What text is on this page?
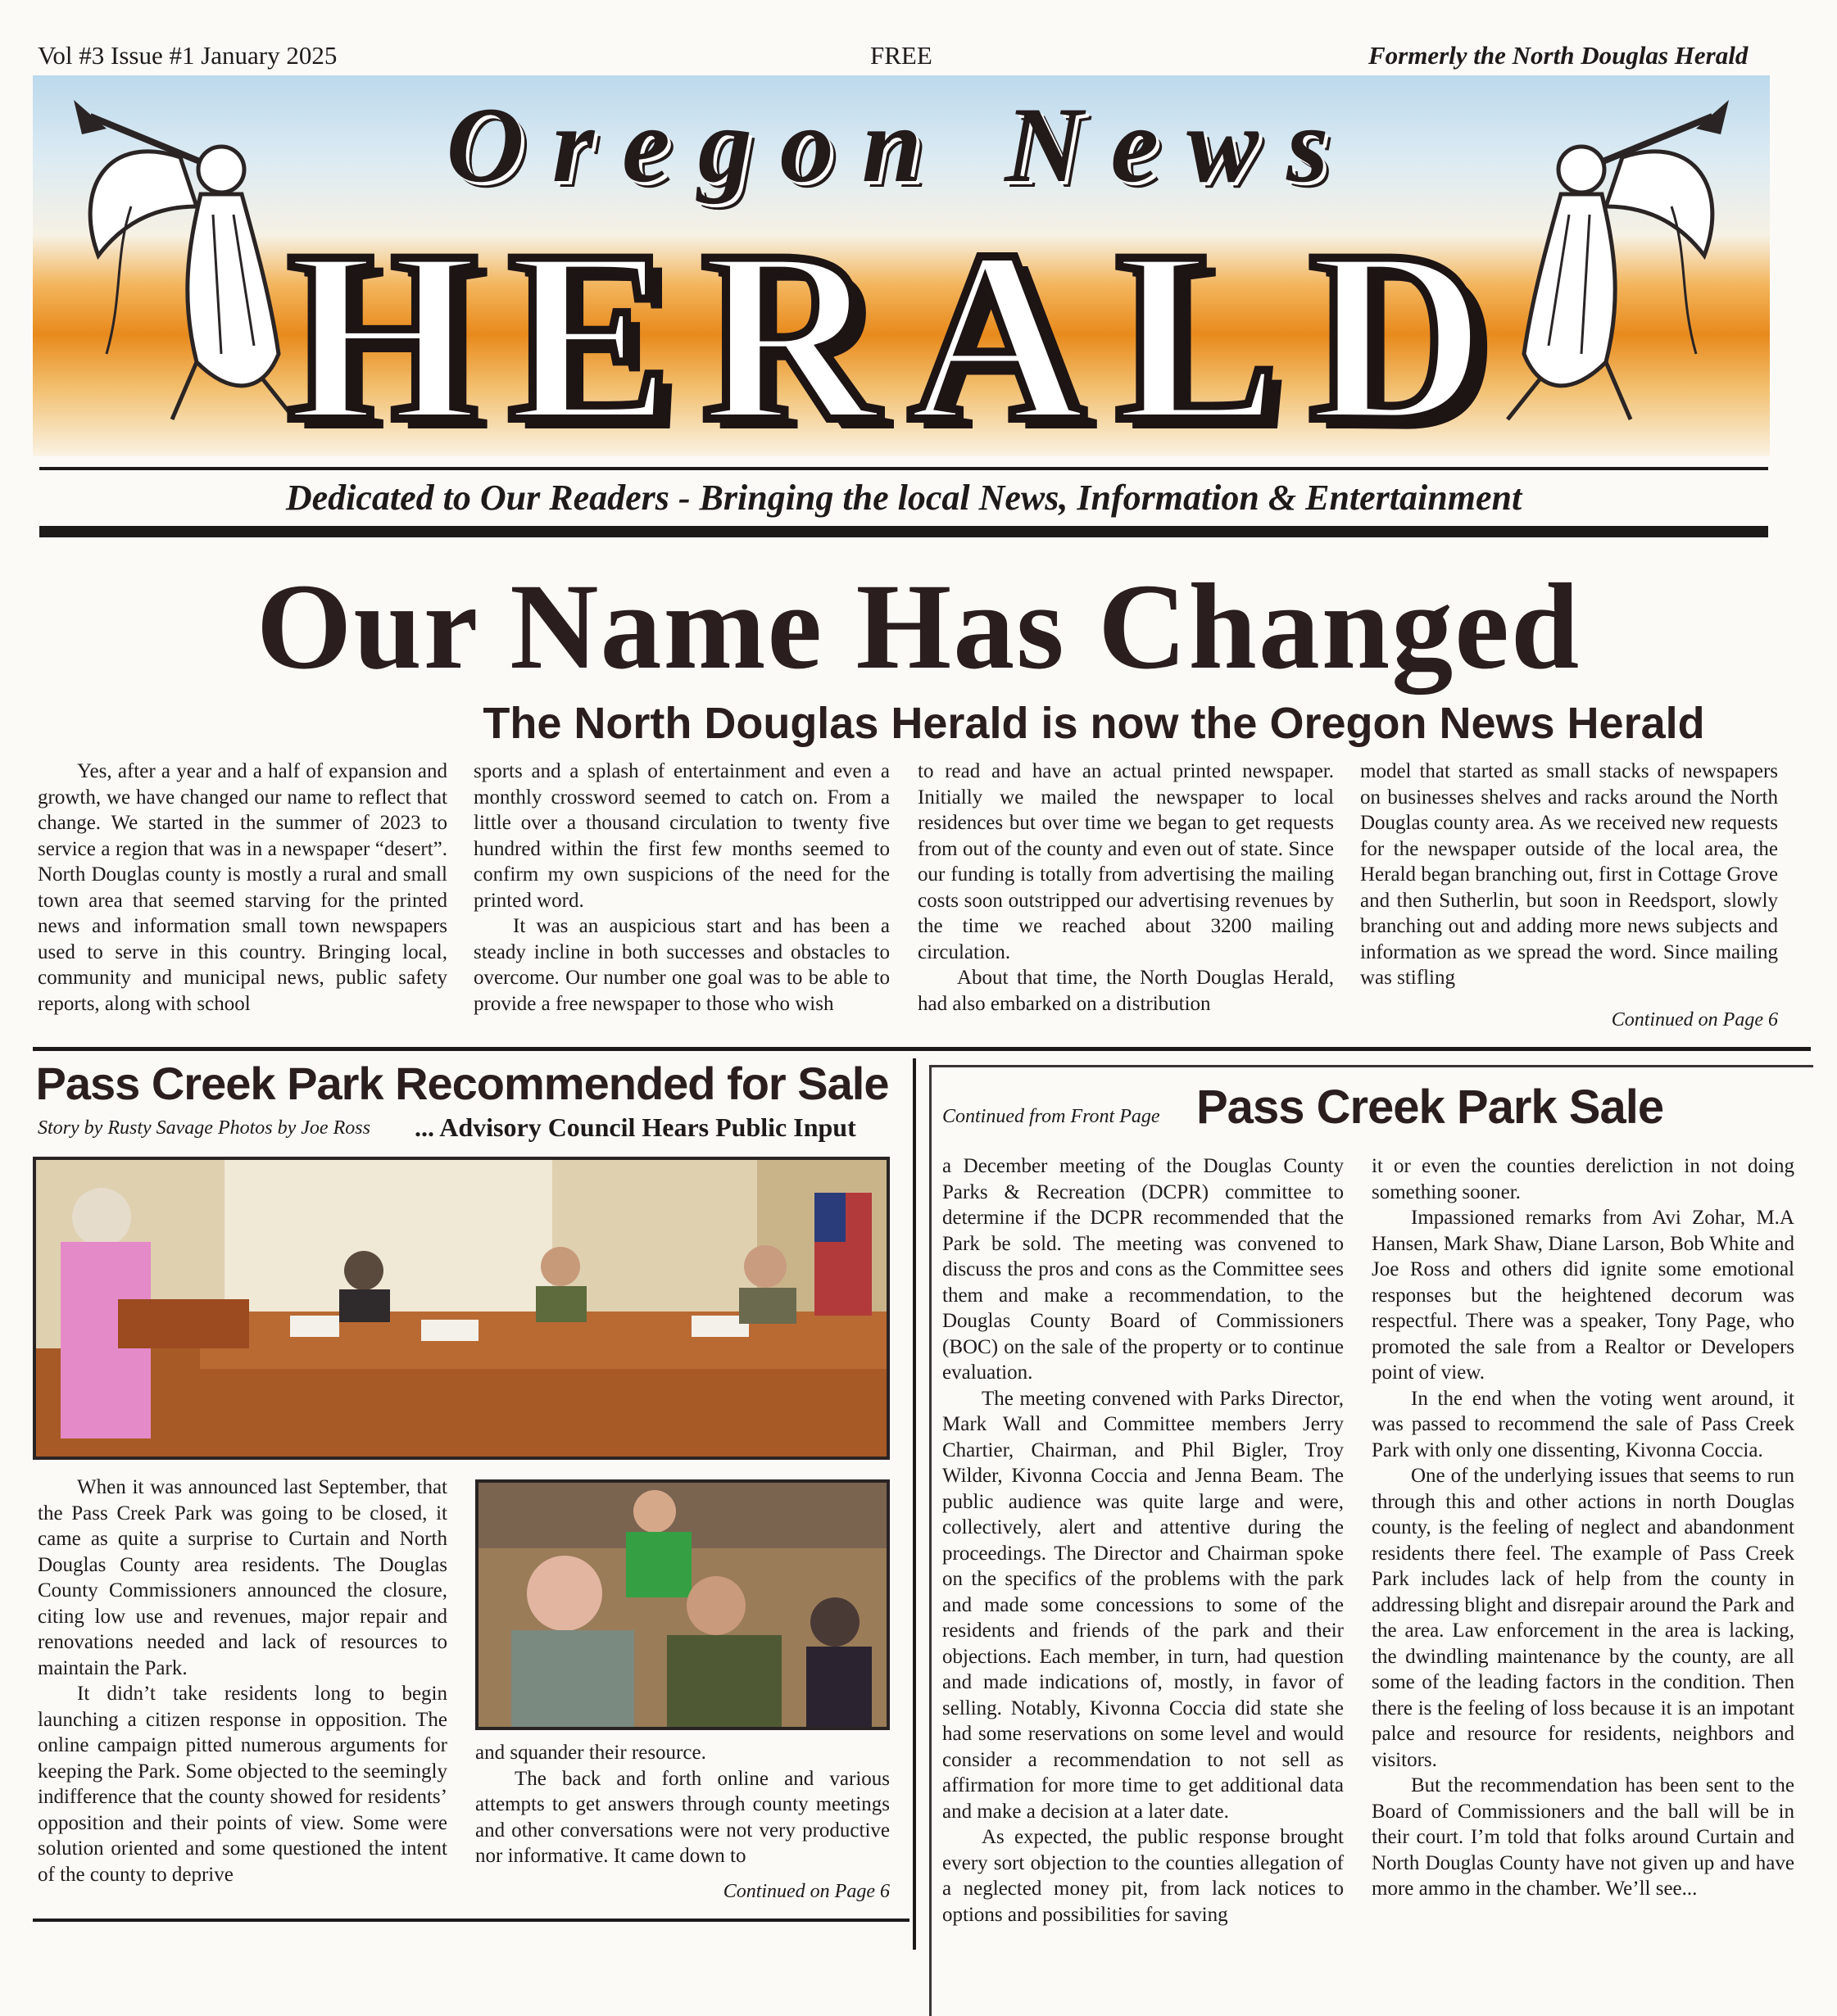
Vol #3 Issue #1 January 2025	FREE	Formerly the North Douglas Herald
Oregon News
HERALD
Dedicated to Our Readers - Bringing the local News, Information & Entertainment
Our Name Has Changed
The North Douglas Herald is now the Oregon News Herald

Yes, after a year and a half of expansion and growth, we have changed our name to reflect that change. We started in the summer of 2023 to service a region that was in a newspaper “desert”. North Douglas county is mostly a rural and small town area that seemed starving for the printed news and information small town newspapers used to serve in this country. Bringing local, community and municipal news, public safety reports, along with school

sports and a splash of entertainment and even a monthly crossword seemed to catch on. From a little over a thousand circulation to twenty five hundred within the first few months seemed to confirm my own suspicions of the need for the printed word.

It was an auspicious start and has been a steady incline in both successes and obstacles to overcome. Our number one goal was to be able to provide a free newspaper to those who wish

to read and have an actual printed newspaper. Initially we mailed the newspaper to local residences but over time we began to get requests from out of the county and even out of state. Since our funding is totally from advertising the mailing costs soon outstripped our advertising revenues by the time we reached about 3200 mailing circulation.

About that time, the North Douglas Herald, had also embarked on a distribution

model that started as small stacks of newspapers on businesses shelves and racks around the North Douglas county area. As we received new requests for the newspaper outside of the local area, the Herald began branching out, first in Cottage Grove and then Sutherlin, but soon in Reedsport, slowly branching out and adding more news subjects and information as we spread the word. Since mailing was stifling

Continued on Page 6
Pass Creek Park Recommended for Sale
Story by Rusty Savage Photos by Joe Ross ... Advisory Council Hears Public Input

When it was announced last September, that the Pass Creek Park was going to be closed, it came as quite a surprise to Curtain and North Douglas County area residents. The Douglas County Commissioners announced the closure, citing low use and revenues, major repair and renovations needed and lack of resources to maintain the Park.

It didn’t take residents long to begin launching a citizen response in opposition. The online campaign pitted numerous arguments for keeping the Park. Some objected to the seemingly indifference that the county showed for residents’ opposition and their points of view. Some were solution oriented and some questioned the intent of the county to deprive

and squander their resource.

The back and forth online and various attempts to get answers through county meetings and other conversations were not very productive nor informative. It came down to

Continued on Page 6
Continued from Front Page Pass Creek Park Sale

a December meeting of the Douglas County Parks & Recreation (DCPR) committee to determine if the DCPR recommended that the Park be sold. The meeting was convened to discuss the pros and cons as the Committee sees them and make a recommendation, to the Douglas County Board of Commissioners (BOC) on the sale of the property or to continue evaluation.

The meeting convened with Parks Director, Mark Wall and Committee members Jerry Chartier, Chairman, and Phil Bigler, Troy Wilder, Kivonna Coccia and Jenna Beam. The public audience was quite large and were, collectively, alert and attentive during the proceedings. The Director and Chairman spoke on the specifics of the problems with the park and made some concessions to some of the residents and friends of the park and their objections. Each member, in turn, had question and made indications of, mostly, in favor of selling. Notably, Kivonna Coccia did state she had some reservations on some level and would consider a recommendation to not sell as affirmation for more time to get additional data and make a decision at a later date.

As expected, the public response brought every sort objection to the counties allegation of a neglected money pit, from lack notices to options and possibilities for saving

it or even the counties dereliction in not doing something sooner.

Impassioned remarks from Avi Zohar, M.A Hansen, Mark Shaw, Diane Larson, Bob White and Joe Ross and others did ignite some emotional responses but the heightened decorum was respectful. There was a speaker, Tony Page, who promoted the sale from a Realtor or Developers point of view.

In the end when the voting went around, it was passed to recommend the sale of Pass Creek Park with only one dissenting, Kivonna Coccia.

One of the underlying issues that seems to run through this and other actions in north Douglas county, is the feeling of neglect and abandonment residents there feel. The example of Pass Creek Park includes lack of help from the county in addressing blight and disrepair around the Park and the area. Law enforcement in the area is lacking, the dwindling maintenance by the county, are all some of the leading factors in the condition. Then there is the feeling of loss because it is an impotant palce and resource for residents, neighbors and visitors.

But the recommendation has been sent to the Board of Commissioners and the ball will be in their court. I’m told that folks around Curtain and North Douglas County have not given up and have more ammo in the chamber. We’ll see...
